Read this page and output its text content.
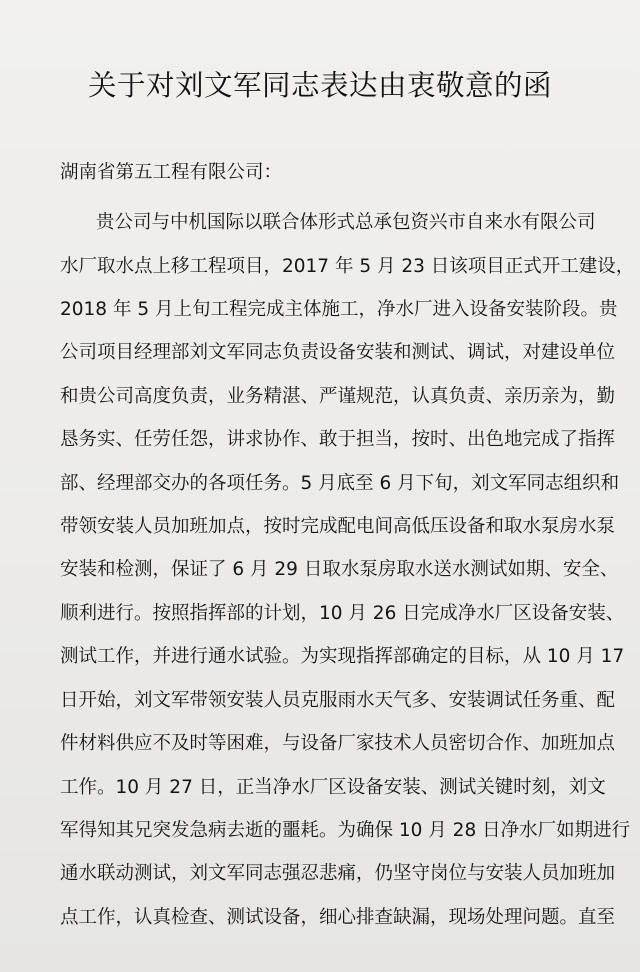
关于对刘文军同志表达由衷敬意的函
湖南省第五工程有限公司：
贵公司与中机国际以联合体形式总承包资兴市自来水有限公司
水厂取水点上移工程项目，2017 年 5 月 23 日该项目正式开工建设，
2018 年 5 月上旬工程完成主体施工，净水厂进入设备安装阶段。贵
公司项目经理部刘文军同志负责设备安装和测试、调试，对建设单位
和贵公司高度负责，业务精湛、严谨规范，认真负责、亲历亲为，勤
恳务实、任劳任怨，讲求协作、敢于担当，按时、出色地完成了指挥
部、经理部交办的各项任务。5 月底至 6 月下旬，刘文军同志组织和
带领安装人员加班加点，按时完成配电间高低压设备和取水泵房水泵
安装和检测，保证了 6 月 29 日取水泵房取水送水测试如期、安全、
顺利进行。按照指挥部的计划，10 月 26 日完成净水厂区设备安装、
测试工作，并进行通水试验。为实现指挥部确定的目标，从 10 月 17
日开始，刘文军带领安装人员克服雨水天气多、安装调试任务重、配
件材料供应不及时等困难，与设备厂家技术人员密切合作、加班加点
工作。10 月 27 日，正当净水厂区设备安装、测试关键时刻，刘文
军得知其兄突发急病去逝的噩耗。为确保 10 月 28 日净水厂如期进行
通水联动测试，刘文军同志强忍悲痛，仍坚守岗位与安装人员加班加
点工作，认真检查、测试设备，细心排查缺漏，现场处理问题。直至
